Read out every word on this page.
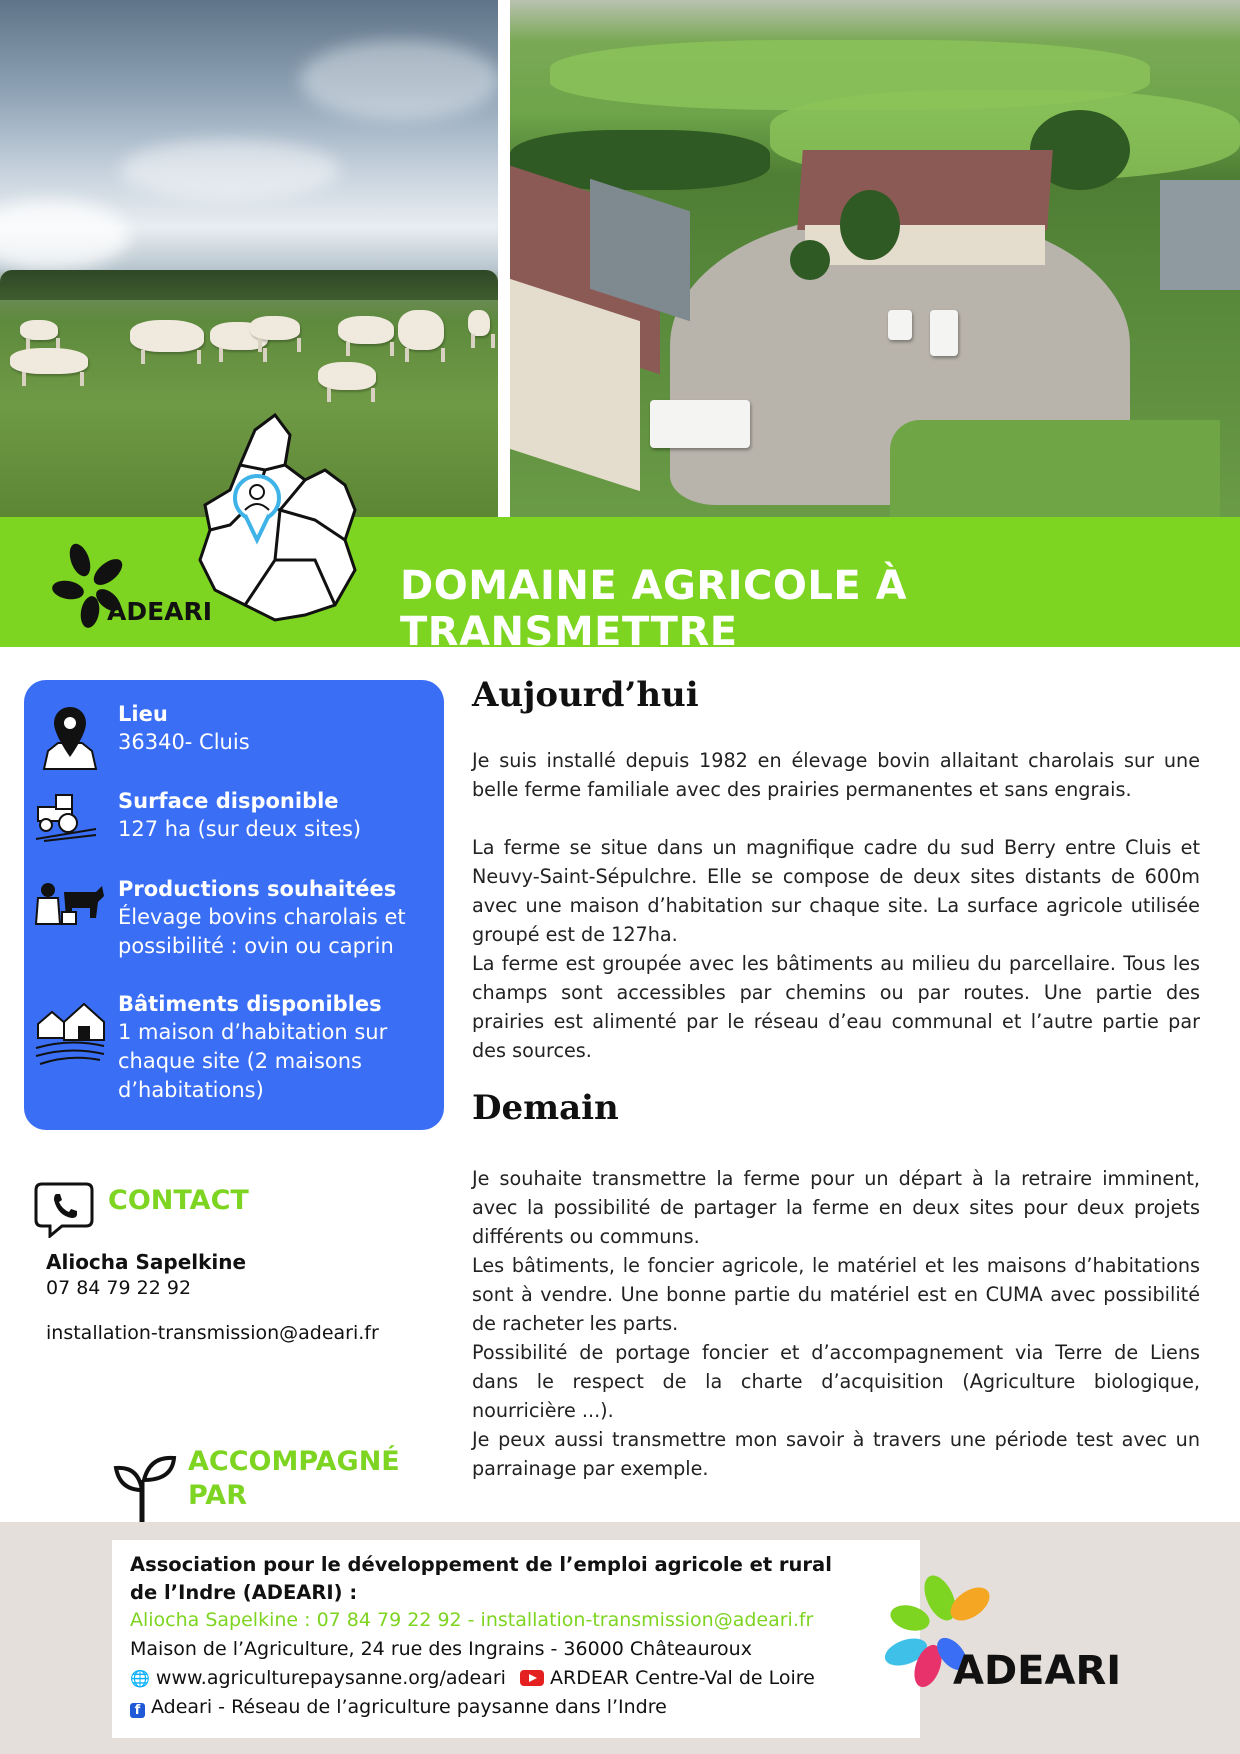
ADEARI
DOMAINE AGRICOLE À TRANSMETTRE
Lieu
36340- Cluis
Surface disponible
127 ha (sur deux sites)
Productions souhaitées
Élevage bovins charolais et possibilité : ovin ou caprin
Bâtiments disponibles
1 maison d’habitation sur chaque site (2 maisons d’habitations)
CONTACT
Aliocha Sapelkine
07 84 79 22 92
installation-transmission@adeari.fr
ACCOMPAGNÉ PAR
Aujourd’hui

Je suis installé depuis 1982 en élevage bovin allaitant charolais sur une belle ferme familiale avec des prairies permanentes et sans engrais.

La ferme se situe dans un magnifique cadre du sud Berry entre Cluis et Neuvy-Saint-Sépulchre. Elle se compose de deux sites distants de 600m avec une maison d’habitation sur chaque site. La surface agricole utilisée groupé est de 127ha.

La ferme est groupée avec les bâtiments au milieu du parcellaire. Tous les champs sont accessibles par chemins ou par routes. Une partie des prairies est alimenté par le réseau d’eau communal et l’autre partie par des sources.

Demain

Je souhaite transmettre la ferme pour un départ à la retraire imminent, avec la possibilité de partager la ferme en deux sites pour deux projets différents ou communs.

Les bâtiments, le foncier agricole, le matériel et les maisons d’habitations sont à vendre. Une bonne partie du matériel est en CUMA avec possibilité de racheter les parts.

Possibilité de portage foncier et d’accompagnement via Terre de Liens dans le respect de la charte d’acquisition (Agriculture biologique, nourricière ...).

Je peux aussi transmettre mon savoir à travers une période test avec un parrainage par exemple.

Association pour le développement de l’emploi agricole et rural
de l’Indre (ADEARI) :
Aliocha Sapelkine : 07 84 79 22 92 - installation-transmission@adeari.fr
Maison de l’Agriculture, 24 rue des Ingrains - 36000 Châteauroux
🌐 www.agriculturepaysanne.org/adeari	ARDEAR Centre-Val de Loire
f Adeari - Réseau de l’agriculture paysanne dans l’Indre
ADEARI
